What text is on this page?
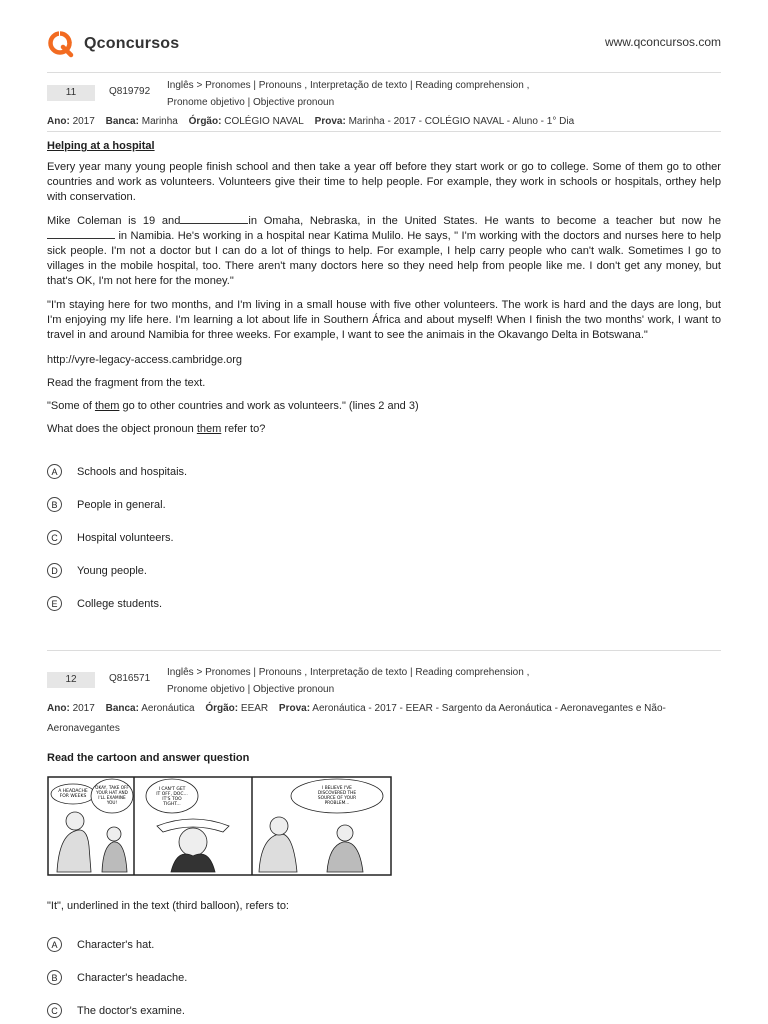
Qconcursos	www.qconcursos.com
11	Q819792
Inglês > Pronomes | Pronouns , Interpretação de texto | Reading comprehension ,
Pronome objetivo | Objective pronoun
Ano: 2017 Banca: Marinha Órgão: COLÉGIO NAVAL Prova: Marinha - 2017 - COLÉGIO NAVAL - Aluno - 1° Dia
Helping at a hospital

Every year many young people finish school and then take a year off before they start work or go to college. Some of them go to other countries and work as volunteers. Volunteers give their time to help people. For example, they work in schools or hospitals, orthey help with conservation.

Mike Coleman is 19 and	in Omaha, Nebraska, in the United States. He wants to become a teacher but now he  in Namibia. He's working in a hospital near Katima Mulilo. He says, " I'm working with the doctors and nurses here to help sick people. I'm not a doctor but I can do a lot of things to help. For example, I help carry people who can't walk. Sometimes I go to villages in the mobile hospital, too. There aren't many doctors here so they need help from people like me. I don't get any money, but that's OK, I'm not here for the money."

"I'm staying here for two months, and I'm living in a small house with five other volunteers. The work is hard and the days are long, but I'm enjoying my life here. I'm learning a lot about life in Southern África and about myself! When I finish the two months' work, I want to travel in and around Namibia for three weeks. For example, I want to see the animais in the Okavango Delta in Botswana."

http://vyre-legacy-access.cambridge.org
Read the fragment from the text.
"Some of them go to other countries and work as volunteers." (lines 2 and 3)
What does the object pronoun them refer to?
A	Schools and hospitais.
B	People in general.
C	Hospital volunteers.
D	Young people.
E	College students.
12	Q816571
Inglês > Pronomes | Pronouns , Interpretação de texto | Reading comprehension ,
Pronome objetivo | Objective pronoun
Ano: 2017 Banca: Aeronáutica Órgão: EEAR Prova: Aeronáutica - 2017 - EEAR - Sargento da Aeronáutica - Aeronavegantes e Não-
Aeronavegantes
Read the cartoon and answer question
A HEADACHE
FOR WEEKS
OKAY, TAKE OFF
YOUR HAT AND
I'LL EXAMINE
YOU!
I CAN'T GET
IT OFF, DOC...
IT'S TOO
TIGHT...
I BELIEVE I'VE
DISCOVERED THE
SOURCE OF YOUR
PROBLEM...
"It", underlined in the text (third balloon), refers to:
A	Character's hat.
B	Character's headache.
C	The doctor's examine.
